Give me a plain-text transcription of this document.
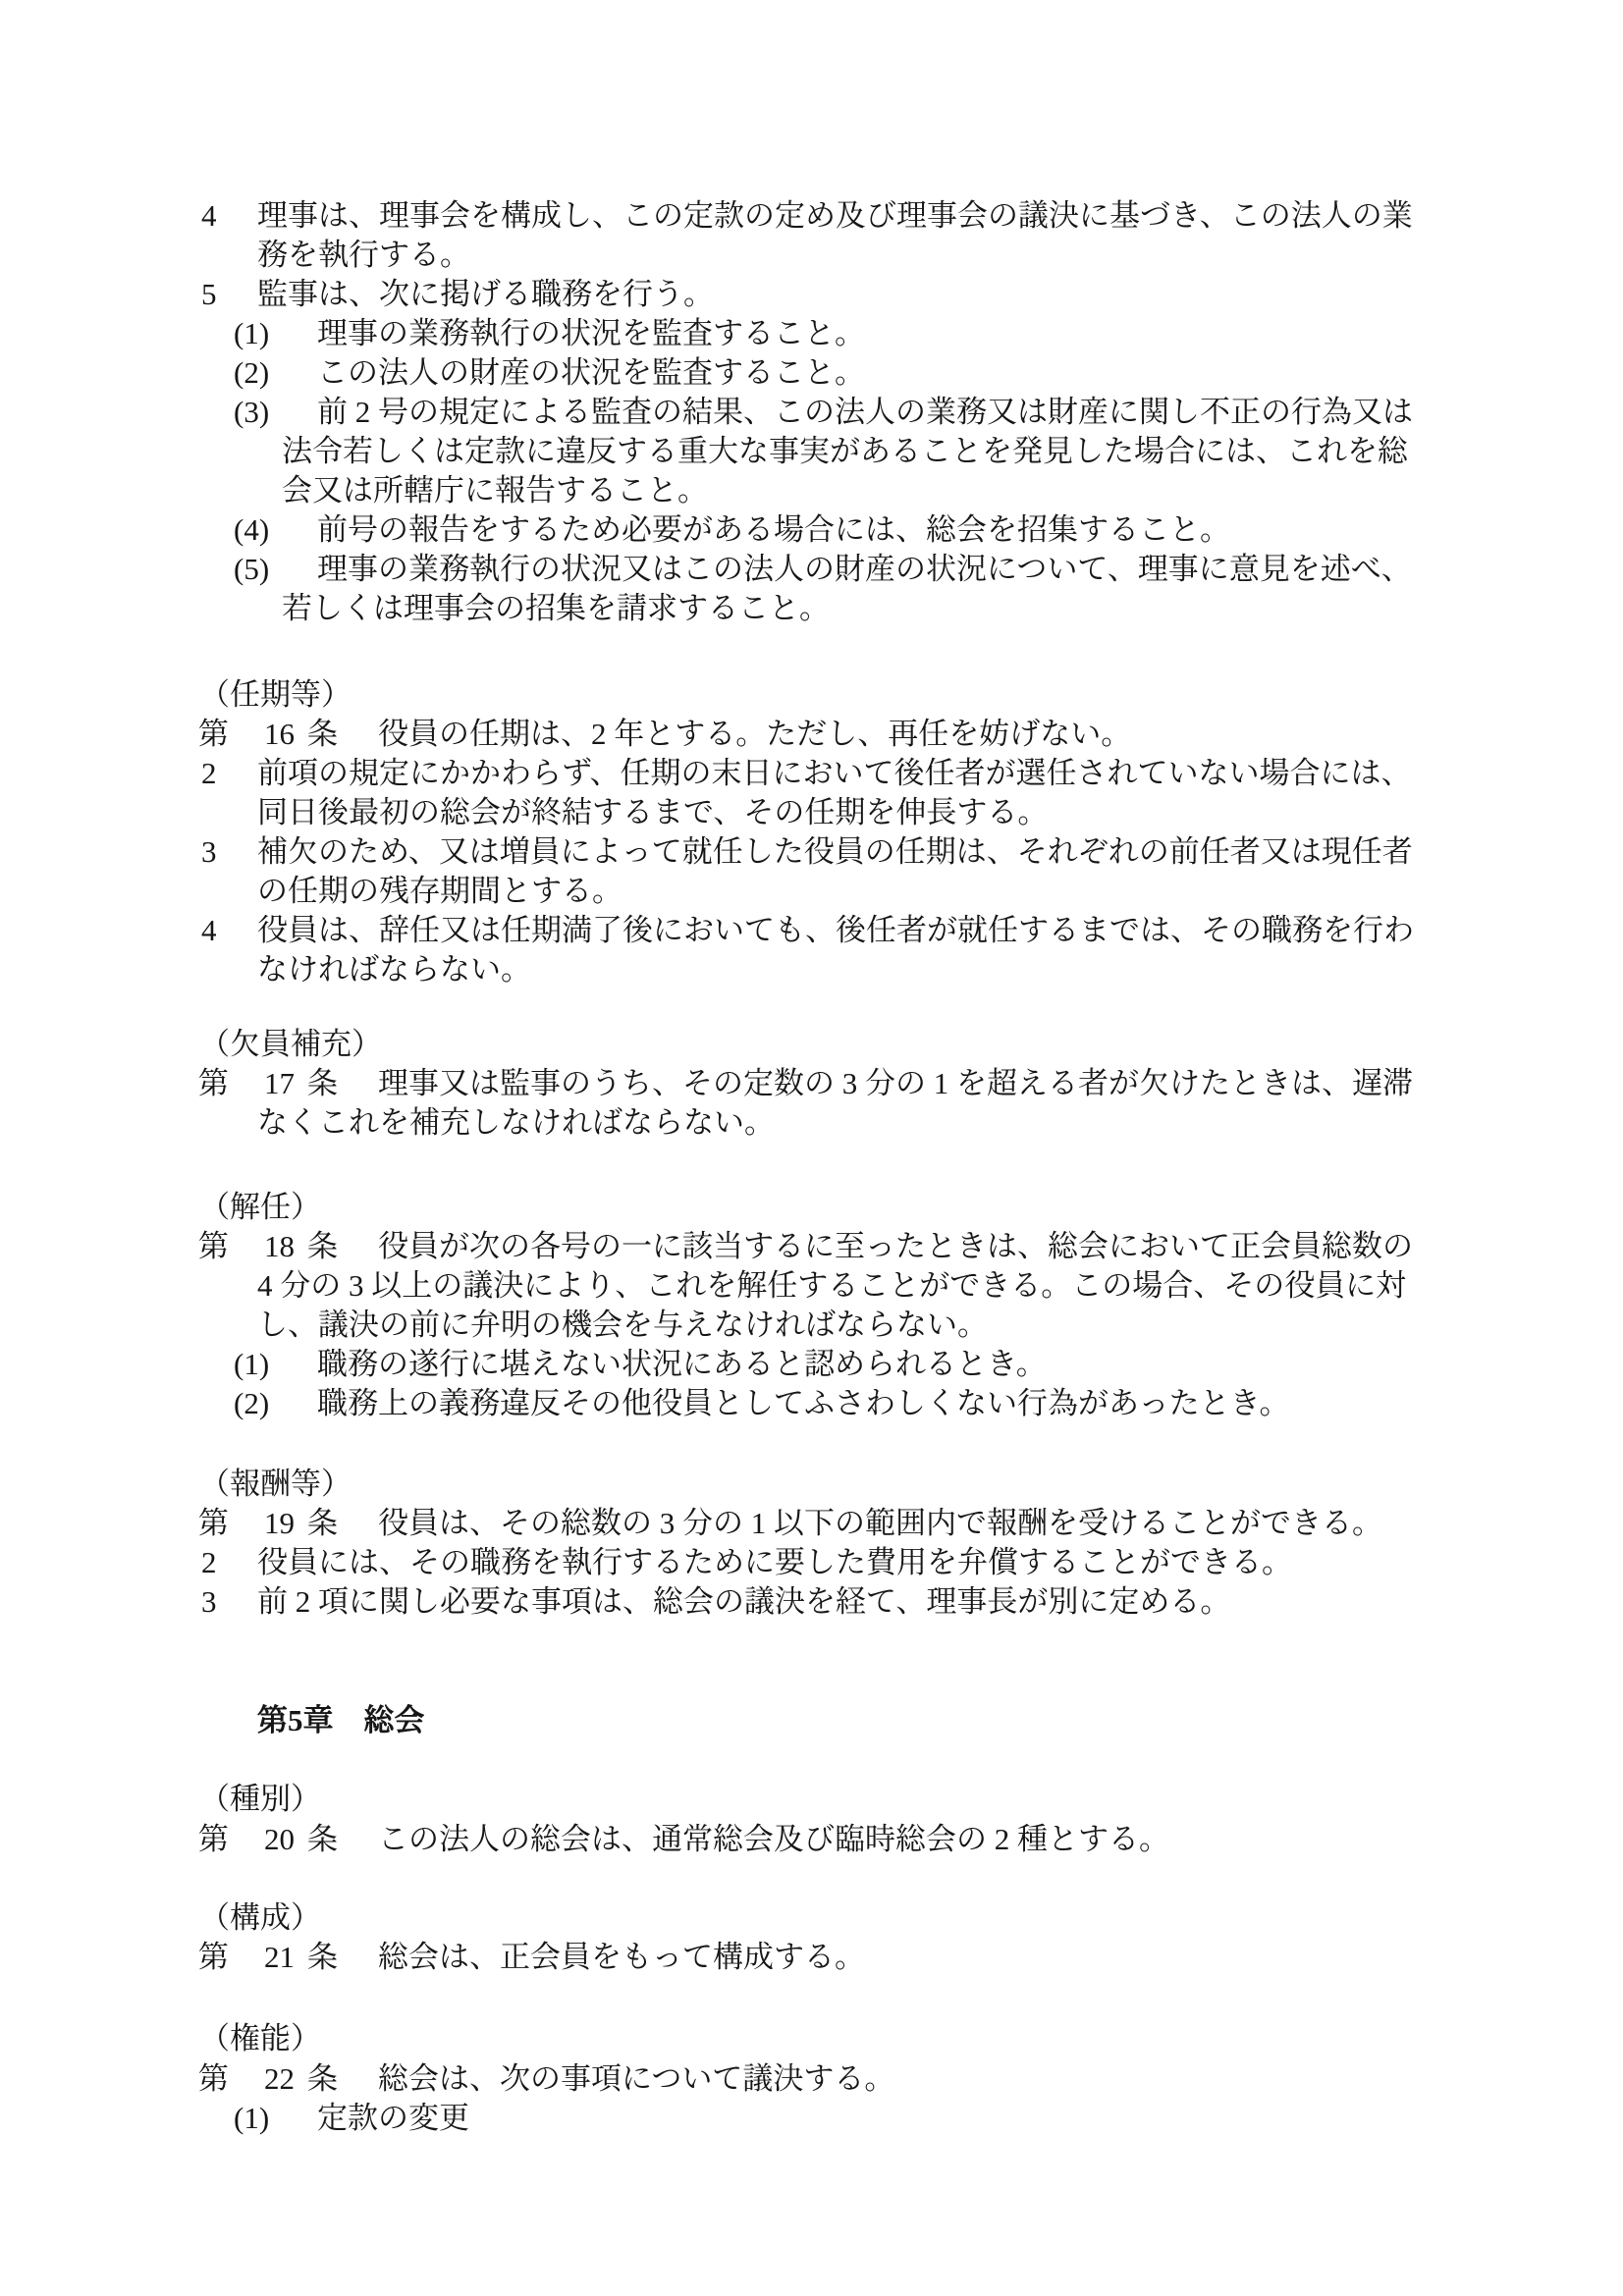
4 理事は、理事会を構成し、この定款の定め及び理事会の議決に基づき、この法人の業
務を執行する。
5 監事は、次に掲げる職務を行う。
(1) 理事の業務執行の状況を監査すること。
(2) この法人の財産の状況を監査すること。
(3) 前 2 号の規定による監査の結果、この法人の業務又は財産に関し不正の行為又は
法令若しくは定款に違反する重大な事実があることを発見した場合には、これを総
会又は所轄庁に報告すること。
(4) 前号の報告をするため必要がある場合には、総会を招集すること。
(5) 理事の業務執行の状況又はこの法人の財産の状況について、理事に意見を述べ、
若しくは理事会の招集を請求すること。
（任期等）
第	16 条 役員の任期は、2 年とする。ただし、再任を妨げない。
2 前項の規定にかかわらず、任期の末日において後任者が選任されていない場合には、
同日後最初の総会が終結するまで、その任期を伸長する。
3 補欠のため、又は増員によって就任した役員の任期は、それぞれの前任者又は現任者
の任期の残存期間とする。
4 役員は、辞任又は任期満了後においても、後任者が就任するまでは、その職務を行わ
なければならない。
（欠員補充）
第	17 条 理事又は監事のうち、その定数の 3 分の 1 を超える者が欠けたときは、遅滞
なくこれを補充しなければならない。
（解任）
第	18 条 役員が次の各号の一に該当するに至ったときは、総会において正会員総数の
4 分の 3 以上の議決により、これを解任することができる。この場合、その役員に対
し、議決の前に弁明の機会を与えなければならない。
(1) 職務の遂行に堪えない状況にあると認められるとき。
(2) 職務上の義務違反その他役員としてふさわしくない行為があったとき。
（報酬等）
第	19 条 役員は、その総数の 3 分の 1 以下の範囲内で報酬を受けることができる。
2 役員には、その職務を執行するために要した費用を弁償することができる。
3 前 2 項に関し必要な事項は、総会の議決を経て、理事長が別に定める。
第5章　総会
（種別）
第	20 条 この法人の総会は、通常総会及び臨時総会の 2 種とする。
（構成）
第	21 条 総会は、正会員をもって構成する。
（権能）
第	22 条 総会は、次の事項について議決する。
(1) 定款の変更
